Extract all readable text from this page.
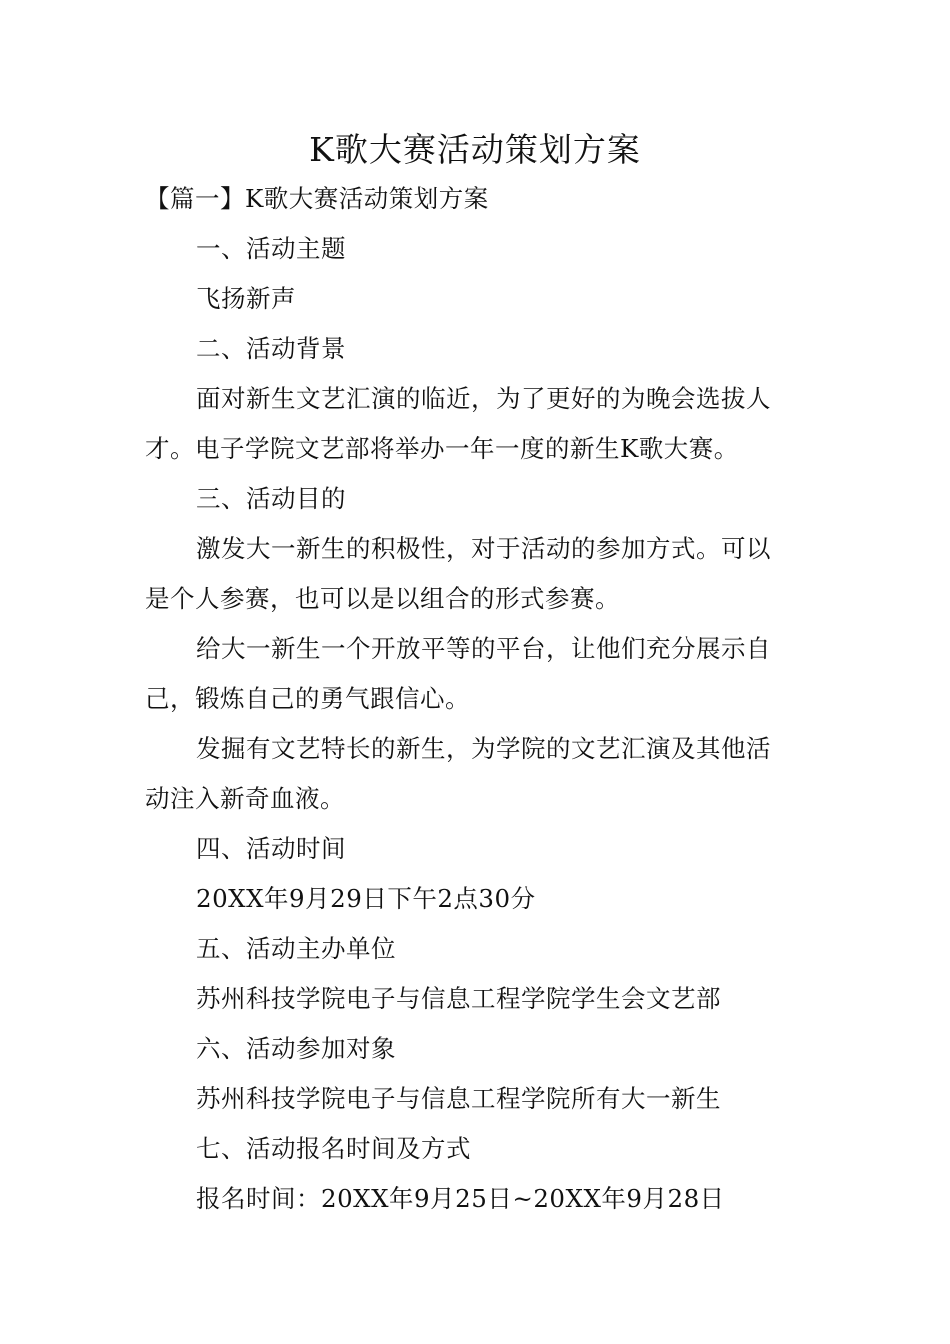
K歌大赛活动策划方案
【篇一】K歌大赛活动策划方案
一、活动主题
飞扬新声
二、活动背景
面对新生文艺汇演的临近，为了更好的为晚会选拔人
才。电子学院文艺部将举办一年一度的新生K歌大赛。
三、活动目的
激发大一新生的积极性，对于活动的参加方式。可以
是个人参赛，也可以是以组合的形式参赛。
给大一新生一个开放平等的平台，让他们充分展示自
己，锻炼自己的勇气跟信心。
发掘有文艺特长的新生，为学院的文艺汇演及其他活
动注入新奇血液。
四、活动时间
20XX年9月29日下午2点30分
五、活动主办单位
苏州科技学院电子与信息工程学院学生会文艺部
六、活动参加对象
苏州科技学院电子与信息工程学院所有大一新生
七、活动报名时间及方式
报名时间：20XX年9月25日~20XX年9月28日
